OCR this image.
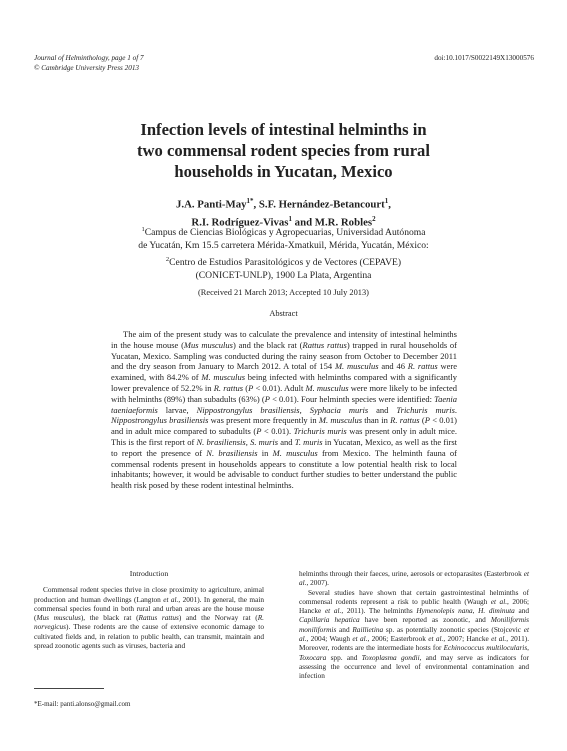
Journal of Helminthology, page 1 of 7
© Cambridge University Press 2013
doi:10.1017/S0022149X13000576
Infection levels of intestinal helminths in
two commensal rodent species from rural
households in Yucatan, Mexico
J.A. Panti-May$^{1*}$, S.F. Hernández-Betancourt$^1$,
R.I. Rodríguez-Vivas$^1$ and M.R. Robles$^2$
$^1$Campus de Ciencias Biológicas y Agropecuarias, Universidad Autónoma
de Yucatán, Km 15.5 carretera Mérida-Xmatkuil, Mérida, Yucatán, México:
$^2$Centro de Estudios Parasitológicos y de Vectores (CEPAVE)
(CONICET-UNLP), 1900 La Plata, Argentina
(Received 21 March 2013; Accepted 10 July 2013)
Abstract

The aim of the present study was to calculate the prevalence and intensity of intestinal helminths in the house mouse (Mus musculus) and the black rat (Rattus rattus) trapped in rural households of Yucatan, Mexico. Sampling was conducted during the rainy season from October to December 2011 and the dry season from January to March 2012. A total of 154 M. musculus and 46 R. rattus were examined, with 84.2% of M. musculus being infected with helminths compared with a significantly lower prevalence of 52.2% in R. rattus (P < 0.01). Adult M. musculus were more likely to be infected with helminths (89%) than subadults (63%) (P < 0.01). Four helminth species were identified: Taenia taeniaeformis larvae, Nippostrongylus brasiliensis, Syphacia muris and Trichuris muris. Nippostrongylus brasiliensis was present more frequently in M. musculus than in R. rattus (P < 0.01) and in adult mice compared to subadults (P < 0.01). Trichuris muris was present only in adult mice. This is the first report of N. brasiliensis, S. muris and T. muris in Yucatan, Mexico, as well as the first to report the presence of N. brasiliensis in M. musculus from Mexico. The helminth fauna of commensal rodents present in households appears to constitute a low potential health risk to local inhabitants; however, it would be advisable to conduct further studies to better understand the public health risk posed by these rodent intestinal helminths.

Introduction

Commensal rodent species thrive in close proximity to agriculture, animal production and human dwellings (Langton et al., 2001). In general, the main commensal species found in both rural and urban areas are the house mouse (Mus musculus), the black rat (Rattus rattus) and the Norway rat (R. norvegicus). These rodents are the cause of extensive economic damage to cultivated fields and, in relation to public health, can transmit, maintain and spread zoonotic agents such as viruses, bacteria and

helminths through their faeces, urine, aerosols or ectoparasites (Easterbrook et al., 2007).

Several studies have shown that certain gastrointestinal helminths of commensal rodents represent a risk to public health (Waugh et al., 2006; Hancke et al., 2011). The helminths Hymenolepis nana, H. diminuta and Capillaria hepatica have been reported as zoonotic, and Moniliformis moniliformis and Raillietina sp. as potentially zoonotic species (Stojcevic et al., 2004; Waugh et al., 2006; Easterbrook et al., 2007; Hancke et al., 2011). Moreover, rodents are the intermediate hosts for Echinococcus multilocularis, Toxocara spp. and Toxoplasma gondii, and may serve as indicators for assessing the occurrence and level of environmental contamination and infection

*E-mail: panti.alonso@gmail.com
